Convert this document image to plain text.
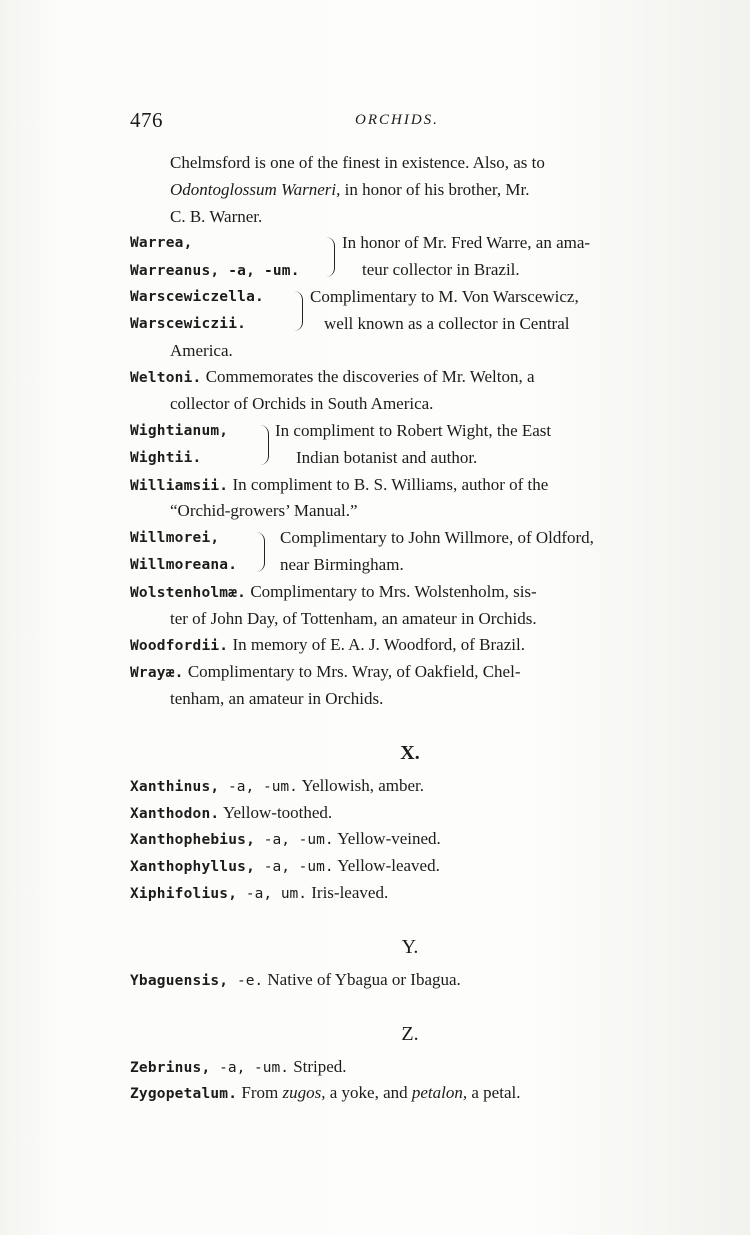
476	ORCHIDS.
Chelmsford is one of the finest in existence. Also, as to
Odontoglossum Warneri, in honor of his brother, Mr.
C. B. Warner.
Warrea,
Warreanus, -a, -um.
In honor of Mr. Fred Warre, an ama-
teur collector in Brazil.
Warscewiczella.
Warscewiczii.
Complimentary to M. Von Warscewicz,
well known as a collector in Central
America.
Weltoni. Commemorates the discoveries of Mr. Welton, a
collector of Orchids in South America.
Wightianum,
Wightii.
In compliment to Robert Wight, the East
Indian botanist and author.
Williamsii. In compliment to B. S. Williams, author of the
“Orchid-growers’ Manual.”
Willmorei,
Willmoreana.
Complimentary to John Willmore, of Oldford,
near Birmingham.
Wolstenholmæ. Complimentary to Mrs. Wolstenholm, sis-
ter of John Day, of Tottenham, an amateur in Orchids.
Woodfordii. In memory of E. A. J. Woodford, of Brazil.
Wrayæ. Complimentary to Mrs. Wray, of Oakfield, Chel-
tenham, an amateur in Orchids.
X.
Xanthinus, -a, -um. Yellowish, amber.
Xanthodon. Yellow-toothed.
Xanthophebius, -a, -um. Yellow-veined.
Xanthophyllus, -a, -um. Yellow-leaved.
Xiphifolius, -a, um. Iris-leaved.
Y.
Ybaguensis, -e. Native of Ybagua or Ibagua.
Z.
Zebrinus, -a, -um. Striped.
Zygopetalum. From zugos, a yoke, and petalon, a petal.
